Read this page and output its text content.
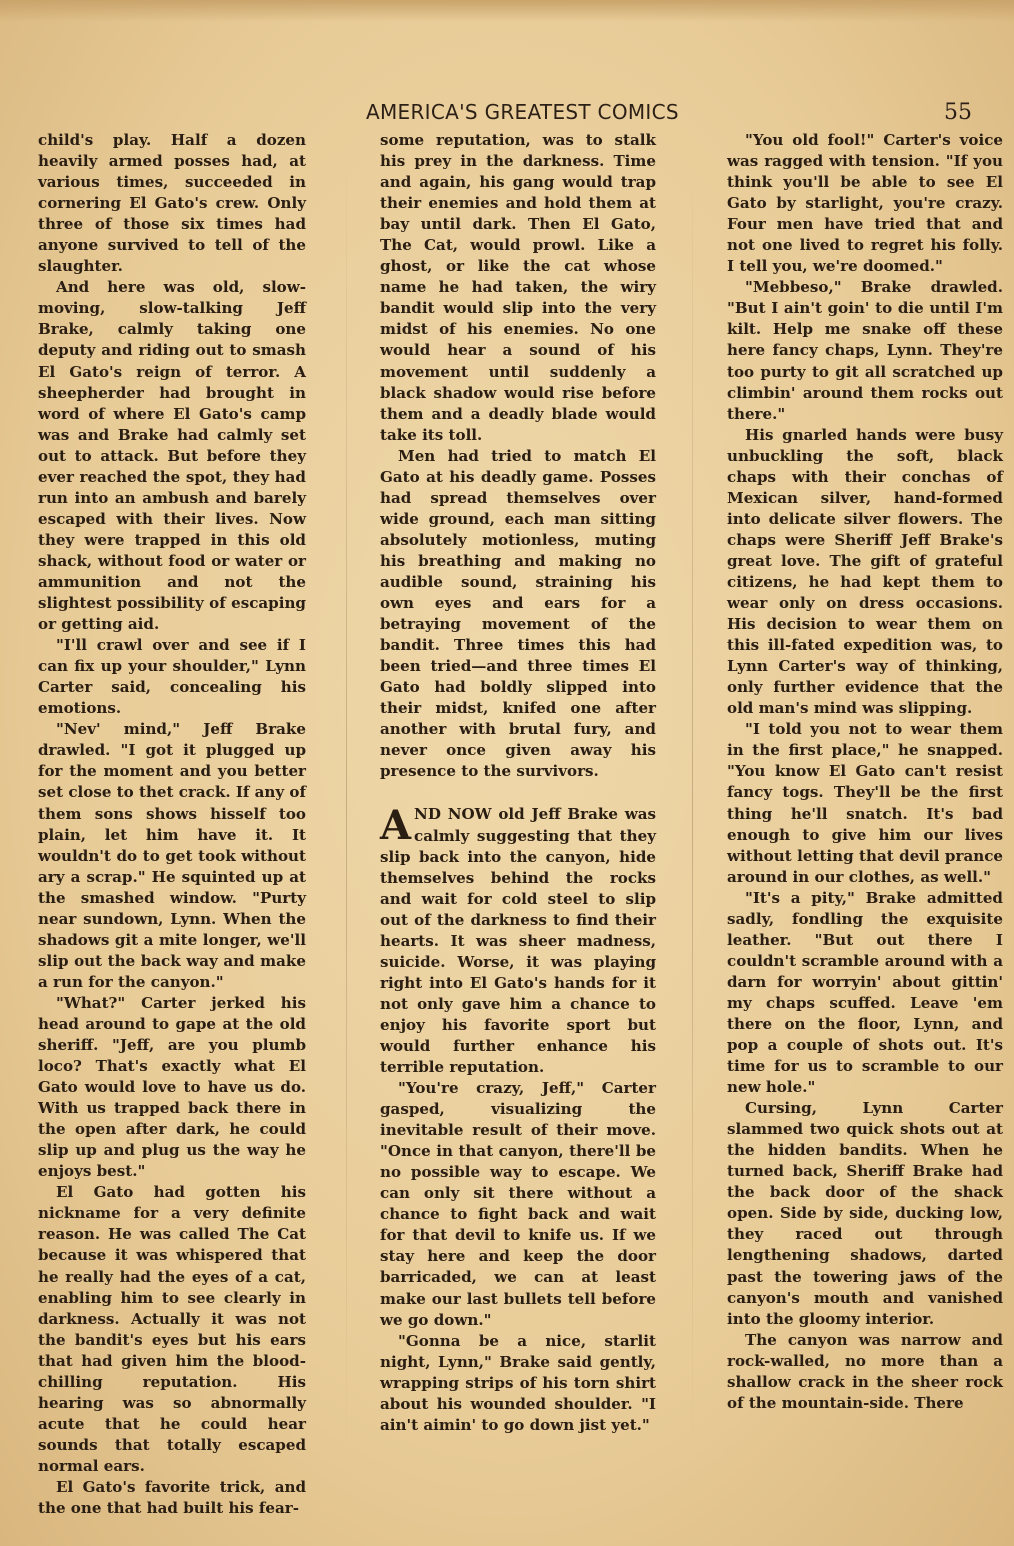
AMERICA'S GREATEST COMICS	55

child's play. Half a dozen heavily armed posses had, at various times, succeeded in cornering El Gato's crew. Only three of those six times had anyone survived to tell of the slaughter.

And here was old, slow-moving, slow-talking Jeff Brake, calmly taking one deputy and riding out to smash El Gato's reign of terror. A sheepherder had brought in word of where El Gato's camp was and Brake had calmly set out to attack. But before they ever reached the spot, they had run into an ambush and barely escaped with their lives. Now they were trapped in this old shack, without food or water or ammunition and not the slightest possibility of escaping or getting aid.

"I'll crawl over and see if I can fix up your shoulder," Lynn Carter said, concealing his emotions.

"Nev' mind," Jeff Brake drawled. "I got it plugged up for the moment and you better set close to thet crack. If any of them sons shows hisself too plain, let him have it. It wouldn't do to get took without ary a scrap." He squinted up at the smashed window. "Purty near sundown, Lynn. When the shadows git a mite longer, we'll slip out the back way and make a run for the canyon."

"What?" Carter jerked his head around to gape at the old sheriff. "Jeff, are you plumb loco? That's exactly what El Gato would love to have us do. With us trapped back there in the open after dark, he could slip up and plug us the way he enjoys best."

El Gato had gotten his nickname for a very definite reason. He was called The Cat because it was whispered that he really had the eyes of a cat, enabling him to see clearly in darkness. Actually it was not the bandit's eyes but his ears that had given him the blood-chilling reputation. His hearing was so abnormally acute that he could hear sounds that totally escaped normal ears.

El Gato's favorite trick, and the one that had built his fear-

some reputation, was to stalk his prey in the darkness. Time and again, his gang would trap their enemies and hold them at bay until dark. Then El Gato, The Cat, would prowl. Like a ghost, or like the cat whose name he had taken, the wiry bandit would slip into the very midst of his enemies. No one would hear a sound of his movement until suddenly a black shadow would rise before them and a deadly blade would take its toll.

Men had tried to match El Gato at his deadly game. Posses had spread themselves over wide ground, each man sitting absolutely motionless, muting his breathing and making no audible sound, straining his own eyes and ears for a betraying movement of the bandit. Three times this had been tried—and three times El Gato had boldly slipped into their midst, knifed one after another with brutal fury, and never once given away his presence to the survivors.

AND NOW old Jeff Brake was calmly suggesting that they slip back into the canyon, hide themselves behind the rocks and wait for cold steel to slip out of the darkness to find their hearts. It was sheer madness, suicide. Worse, it was playing right into El Gato's hands for it not only gave him a chance to enjoy his favorite sport but would further enhance his terrible reputation.

"You're crazy, Jeff," Carter gasped, visualizing the inevitable result of their move. "Once in that canyon, there'll be no possible way to escape. We can only sit there without a chance to fight back and wait for that devil to knife us. If we stay here and keep the door barricaded, we can at least make our last bullets tell before we go down."

"Gonna be a nice, starlit night, Lynn," Brake said gently, wrapping strips of his torn shirt about his wounded shoulder. "I ain't aimin' to go down jist yet."

"You old fool!" Carter's voice was ragged with tension. "If you think you'll be able to see El Gato by starlight, you're crazy. Four men have tried that and not one lived to regret his folly. I tell you, we're doomed."

"Mebbeso," Brake drawled. "But I ain't goin' to die until I'm kilt. Help me snake off these here fancy chaps, Lynn. They're too purty to git all scratched up climbin' around them rocks out there."

His gnarled hands were busy unbuckling the soft, black chaps with their conchas of Mexican silver, hand-formed into delicate silver flowers. The chaps were Sheriff Jeff Brake's great love. The gift of grateful citizens, he had kept them to wear only on dress occasions. His decision to wear them on this ill-fated expedition was, to Lynn Carter's way of thinking, only further evidence that the old man's mind was slipping.

"I told you not to wear them in the first place," he snapped. "You know El Gato can't resist fancy togs. They'll be the first thing he'll snatch. It's bad enough to give him our lives without letting that devil prance around in our clothes, as well."

"It's a pity," Brake admitted sadly, fondling the exquisite leather. "But out there I couldn't scramble around with a darn for worryin' about gittin' my chaps scuffed. Leave 'em there on the floor, Lynn, and pop a couple of shots out. It's time for us to scramble to our new hole."

Cursing, Lynn Carter slammed two quick shots out at the hidden bandits. When he turned back, Sheriff Brake had the back door of the shack open. Side by side, ducking low, they raced out through lengthening shadows, darted past the towering jaws of the canyon's mouth and vanished into the gloomy interior.

The canyon was narrow and rock-walled, no more than a shallow crack in the sheer rock of the mountain-side. There
